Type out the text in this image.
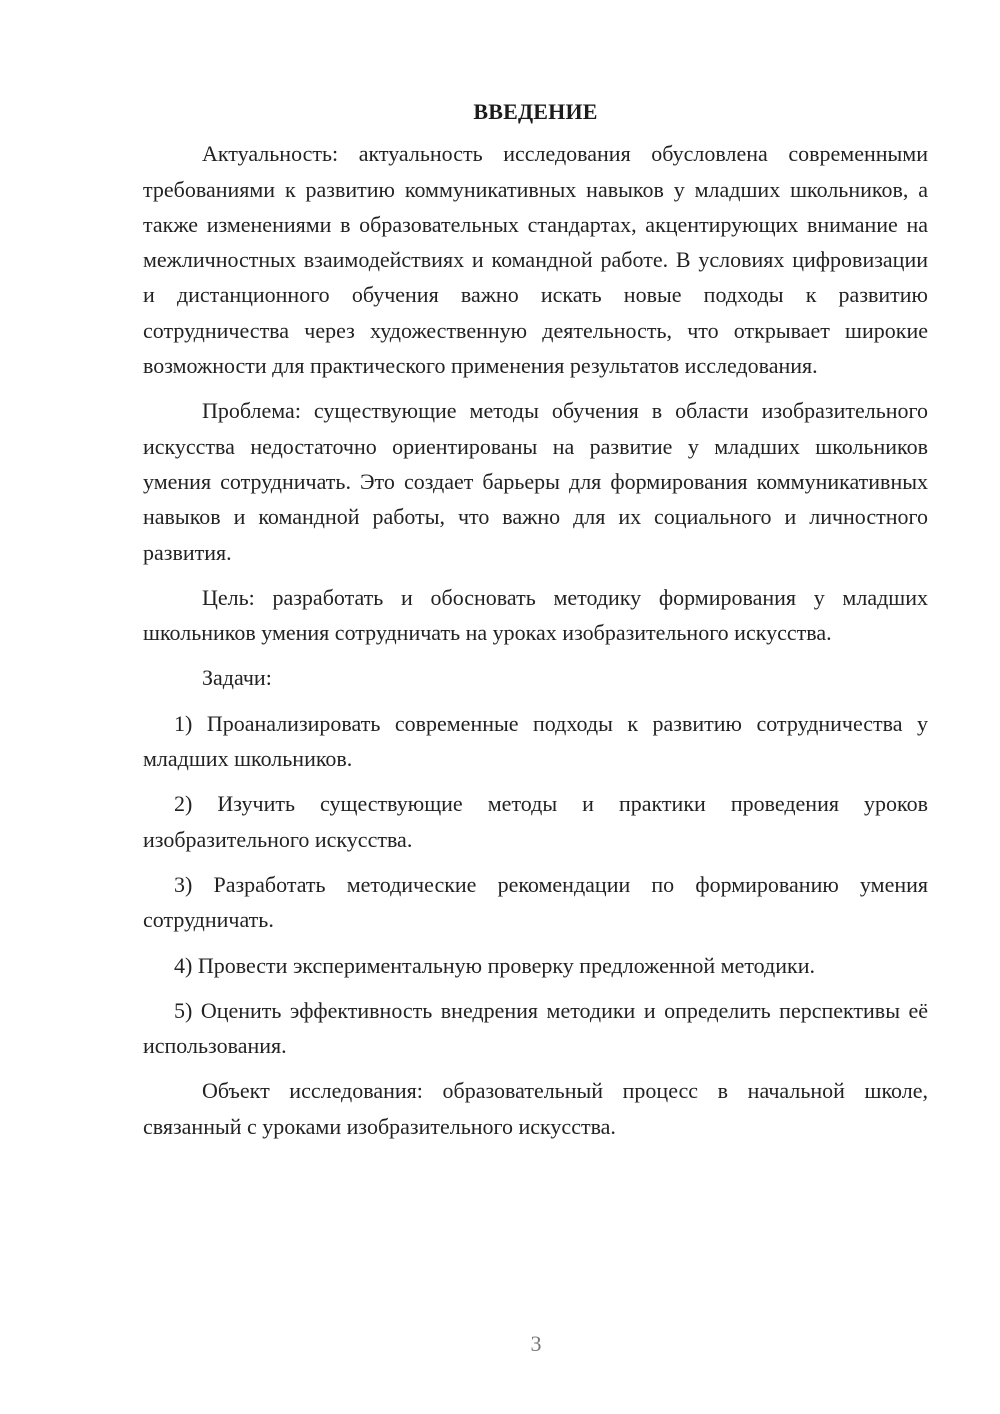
ВВЕДЕНИЕ

Актуальность: актуальность исследования обусловлена современными требованиями к развитию коммуникативных навыков у младших школьников, а также изменениями в образовательных стандартах, акцентирующих внимание на межличностных взаимодействиях и командной работе. В условиях цифровизации и дистанционного обучения важно искать новые подходы к развитию сотрудничества через художественную деятельность, что открывает широкие возможности для практического применения результатов исследования.

Проблема: существующие методы обучения в области изобразительного искусства недостаточно ориентированы на развитие у младших школьников умения сотрудничать. Это создает барьеры для формирования коммуникативных навыков и командной работы, что важно для их социального и личностного развития.

Цель: разработать и обосновать методику формирования у младших школьников умения сотрудничать на уроках изобразительного искусства.

Задачи:

1) Проанализировать современные подходы к развитию сотрудничества у младших школьников.

2) Изучить существующие методы и практики проведения уроков изобразительного искусства.

3) Разработать методические рекомендации по формированию умения сотрудничать.

4) Провести экспериментальную проверку предложенной методики.

5) Оценить эффективность внедрения методики и определить перспективы её использования.

Объект исследования: образовательный процесс в начальной школе, связанный с уроками изобразительного искусства.

3
